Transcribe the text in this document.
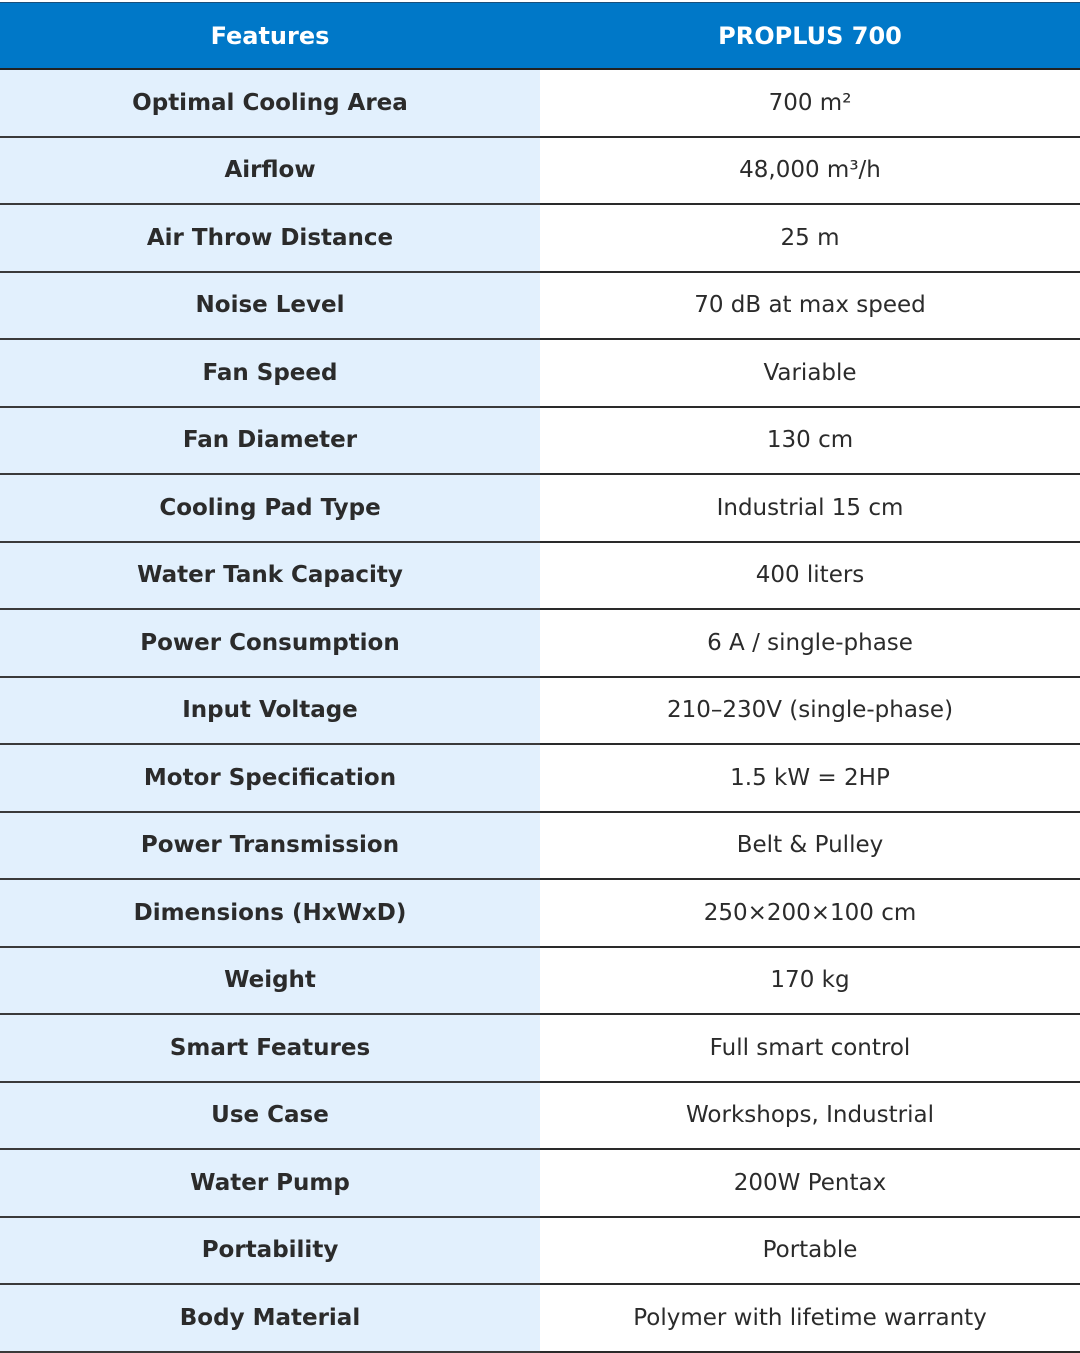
Features	PROPLUS 700
Optimal Cooling Area	700 m²
Airflow	48,000 m³/h
Air Throw Distance	25 m
Noise Level	70 dB at max speed
Fan Speed	Variable
Fan Diameter	130 cm
Cooling Pad Type	Industrial 15 cm
Water Tank Capacity	400 liters
Power Consumption	6 A / single-phase
Input Voltage	210–230V (single-phase)
Motor Specification	1.5 kW = 2HP
Power Transmission	Belt & Pulley
Dimensions (HxWxD)	250×200×100 cm
Weight	170 kg
Smart Features	Full smart control
Use Case	Workshops, Industrial
Water Pump	200W Pentax
Portability	Portable
Body Material	Polymer with lifetime warranty
